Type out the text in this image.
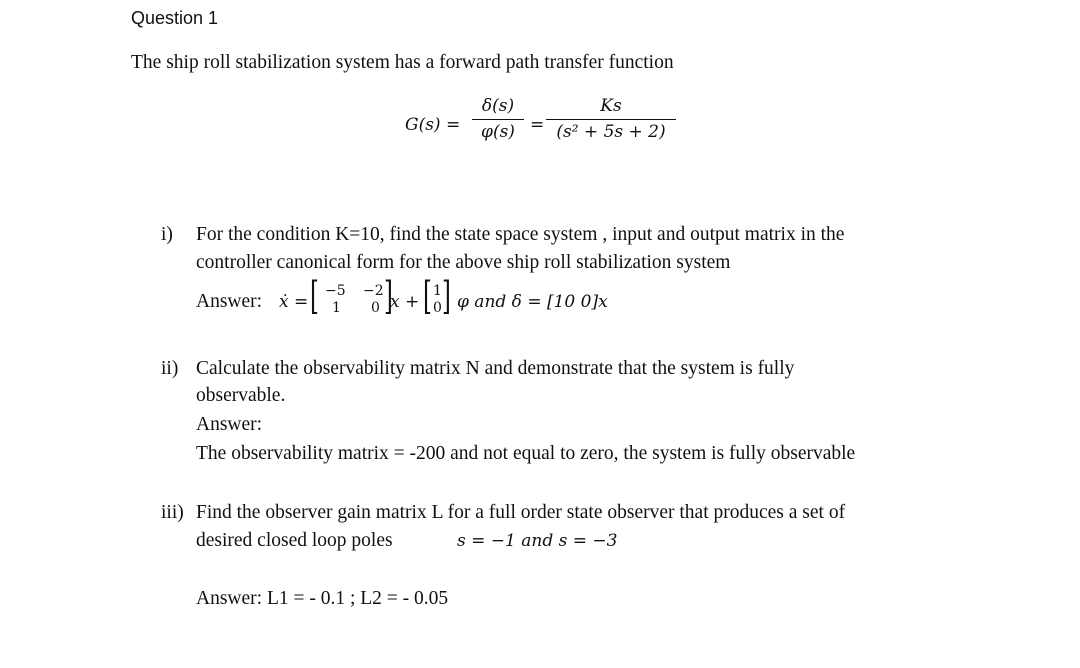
Question 1
The ship roll stabilization system has a forward path transfer function
G(s) =
δ(s)
φ(s) =
Ks
(s² + 5s + 2)
i) For the condition K=10, find the state space system , input and output matrix in the
controller canonical form for the above ship roll stabilization system
Answer: ẋ = [ −5 −2
1 0 ]
x + [ 1
0 ] φ and δ = [10 0]x
ii) Calculate the observability matrix N and demonstrate that the system is fully
observable.
Answer:
The observability matrix = -200 and not equal to zero, the system is fully observable
iii) Find the observer gain matrix L for a full order state observer that produces a set of
desired closed loop poles	s = −1 and s = −3
Answer: L1 = - 0.1 ; L2 = - 0.05
